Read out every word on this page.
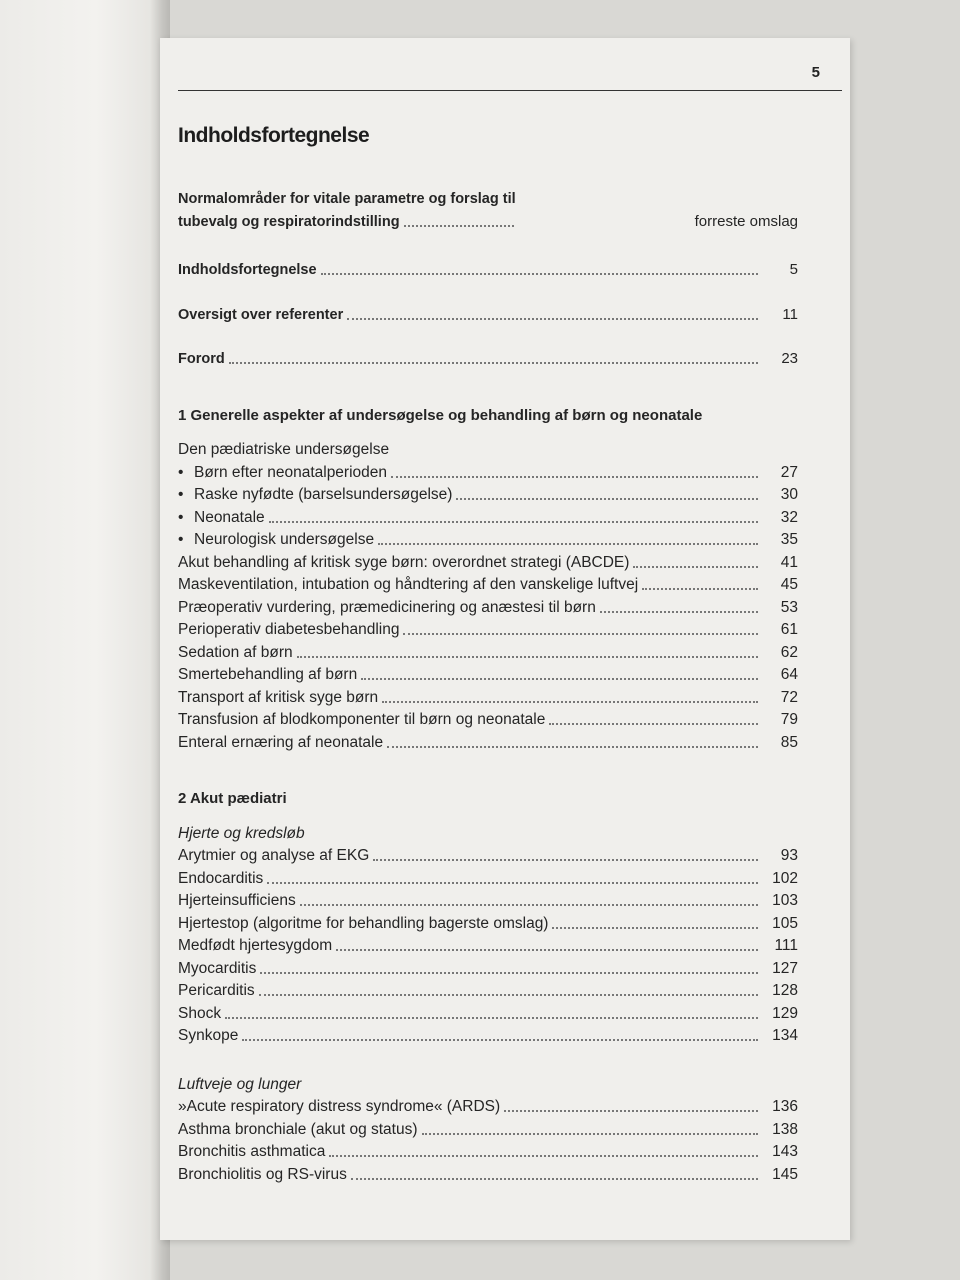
5
Indholdsfortegnelse
Normalområder for vitale parametre og forslag til
tubevalg og respiratorindstilling	forreste omslag
Indholdsfortegnelse	5
Oversigt over referenter	11
Forord	23
1 Generelle aspekter af undersøgelse og behandling af børn og neonatale
Den pædiatriske undersøgelse
• Børn efter neonatalperioden	27
• Raske nyfødte (barselsundersøgelse)	30
• Neonatale	32
• Neurologisk undersøgelse	35
Akut behandling af kritisk syge børn: overordnet strategi (ABCDE)	41
Maskeventilation, intubation og håndtering af den vanskelige luftvej	45
Præoperativ vurdering, præmedicinering og anæstesi til børn	53
Perioperativ diabetesbehandling	61
Sedation af børn	62
Smertebehandling af børn	64
Transport af kritisk syge børn	72
Transfusion af blodkomponenter til børn og neonatale	79
Enteral ernæring af neonatale	85
2 Akut pædiatri
Hjerte og kredsløb
Arytmier og analyse af EKG	93
Endocarditis	102
Hjerteinsufficiens	103
Hjertestop (algoritme for behandling bagerste omslag)	105
Medfødt hjertesygdom	111
Myocarditis	127
Pericarditis	128
Shock	129
Synkope	134
Luftveje og lunger
»Acute respiratory distress syndrome« (ARDS)	136
Asthma bronchiale (akut og status)	138
Bronchitis asthmatica	143
Bronchiolitis og RS-virus	145
